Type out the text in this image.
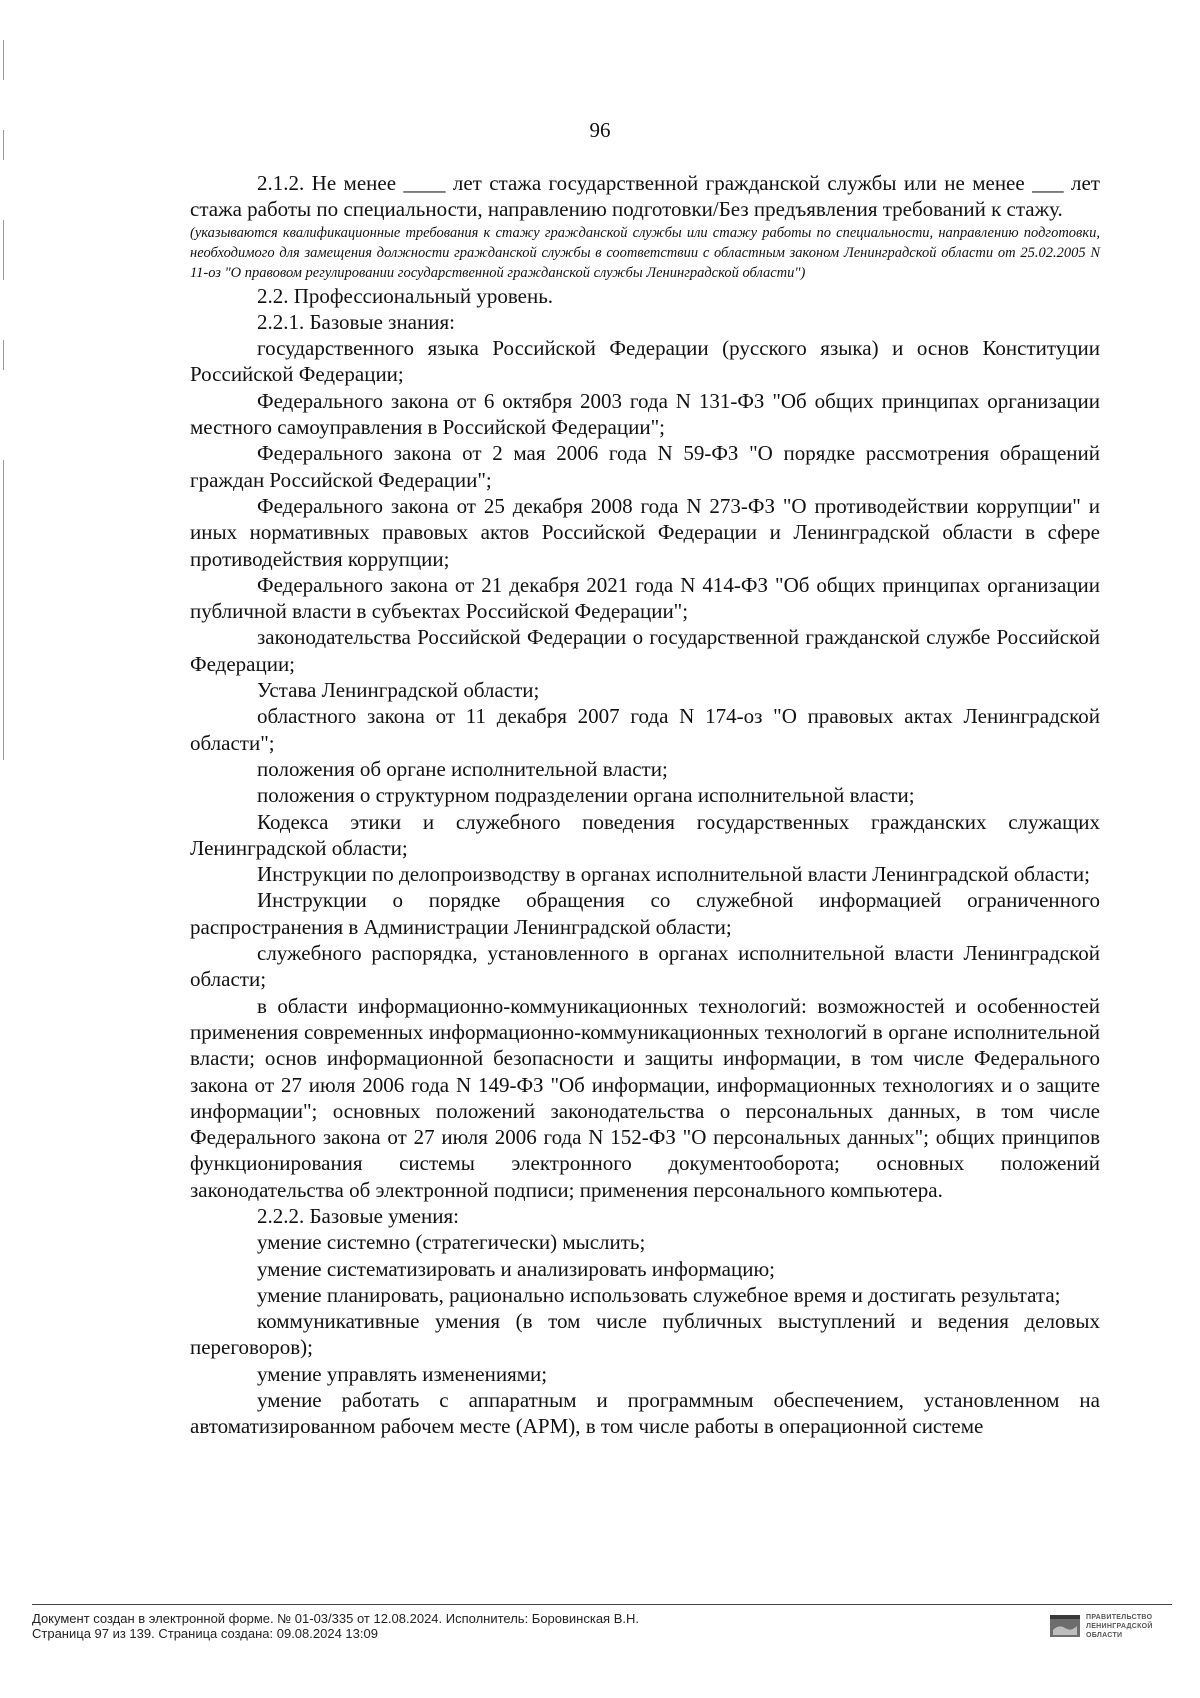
96

2.1.2. Не менее ____ лет стажа государственной гражданской службы или не менее ___ лет стажа работы по специальности, направлению подготовки/Без предъявления требований к стажу.

(указываются квалификационные требования к стажу гражданской службы или стажу работы по специальности, направлению подготовки, необходимого для замещения должности гражданской службы в соответствии с областным законом Ленинградской области от 25.02.2005 N 11-оз "О правовом регулировании государственной гражданской службы Ленинградской области")

2.2. Профессиональный уровень.

2.2.1. Базовые знания:

государственного языка Российской Федерации (русского языка) и основ Конституции Российской Федерации;

Федерального закона от 6 октября 2003 года N 131-ФЗ "Об общих принципах организации местного самоуправления в Российской Федерации";

Федерального закона от 2 мая 2006 года N 59-ФЗ "О порядке рассмотрения обращений граждан Российской Федерации";

Федерального закона от 25 декабря 2008 года N 273-ФЗ "О противодействии коррупции" и иных нормативных правовых актов Российской Федерации и Ленинградской области в сфере противодействия коррупции;

Федерального закона от 21 декабря 2021 года N 414-ФЗ "Об общих принципах организации публичной власти в субъектах Российской Федерации";

законодательства Российской Федерации о государственной гражданской службе Российской Федерации;

Устава Ленинградской области;

областного закона от 11 декабря 2007 года N 174-оз "О правовых актах Ленинградской области";

положения об органе исполнительной власти;

положения о структурном подразделении органа исполнительной власти;

Кодекса этики и служебного поведения государственных гражданских служащих Ленинградской области;

Инструкции по делопроизводству в органах исполнительной власти Ленинградской области;

Инструкции о порядке обращения со служебной информацией ограниченного распространения в Администрации Ленинградской области;

служебного распорядка, установленного в органах исполнительной власти Ленинградской области;

в области информационно-коммуникационных технологий: возможностей и особенностей применения современных информационно-коммуникационных технологий в органе исполнительной власти; основ информационной безопасности и защиты информации, в том числе Федерального закона от 27 июля 2006 года N 149-ФЗ "Об информации, информационных технологиях и о защите информации"; основных положений законодательства о персональных данных, в том числе Федерального закона от 27 июля 2006 года N 152-ФЗ "О персональных данных"; общих принципов функционирования системы электронного документооборота; основных положений законодательства об электронной подписи; применения персонального компьютера.

2.2.2. Базовые умения:

умение системно (стратегически) мыслить;

умение систематизировать и анализировать информацию;

умение планировать, рационально использовать служебное время и достигать результата;

коммуникативные умения (в том числе публичных выступлений и ведения деловых переговоров);

умение управлять изменениями;

умение работать с аппаратным и программным обеспечением, установленном на автоматизированном рабочем месте (АРМ), в том числе работы в операционной системе

Документ создан в электронной форме. № 01-03/335 от 12.08.2024. Исполнитель: Боровинская В.Н.
Страница 97 из 139. Страница создана: 09.08.2024 13:09
ПРАВИТЕЛЬСТВО
ЛЕНИНГРАДСКОЙ
ОБЛАСТИ
